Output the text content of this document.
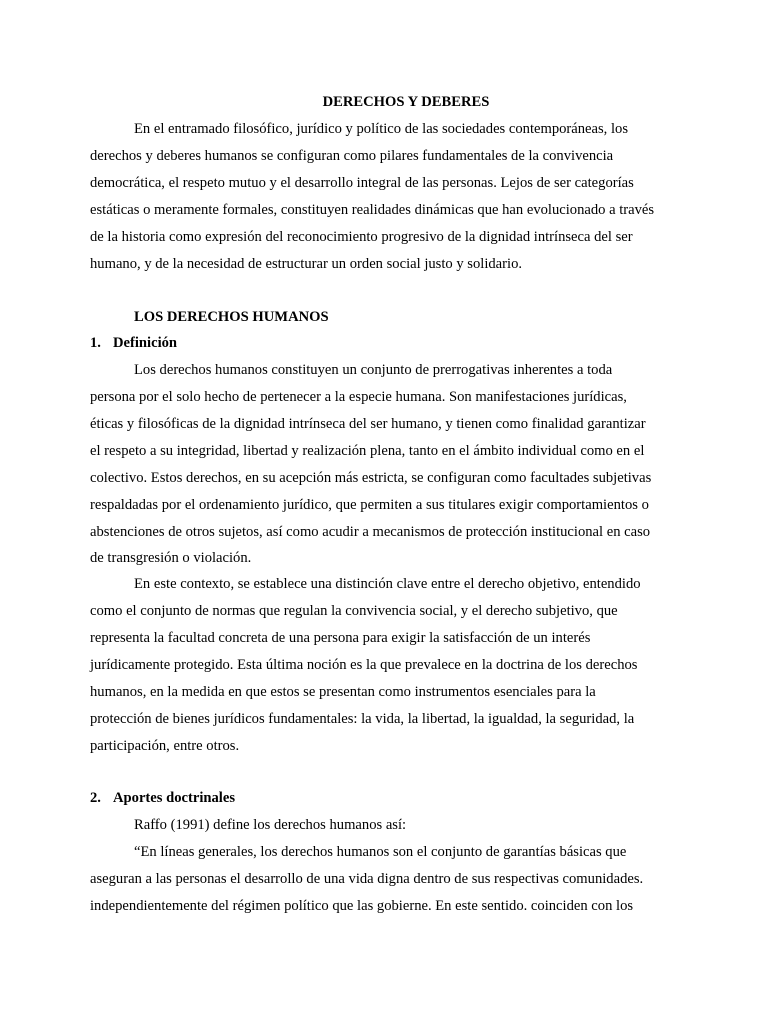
DERECHOS Y DEBERES
En el entramado filosófico, jurídico y político de las sociedades contemporáneas, los
derechos y deberes humanos se configuran como pilares fundamentales de la convivencia
democrática, el respeto mutuo y el desarrollo integral de las personas. Lejos de ser categorías
estáticas o meramente formales, constituyen realidades dinámicas que han evolucionado a través
de la historia como expresión del reconocimiento progresivo de la dignidad intrínseca del ser
humano, y de la necesidad de estructurar un orden social justo y solidario.
LOS DERECHOS HUMANOS
1. Definición
Los derechos humanos constituyen un conjunto de prerrogativas inherentes a toda
persona por el solo hecho de pertenecer a la especie humana. Son manifestaciones jurídicas,
éticas y filosóficas de la dignidad intrínseca del ser humano, y tienen como finalidad garantizar
el respeto a su integridad, libertad y realización plena, tanto en el ámbito individual como en el
colectivo. Estos derechos, en su acepción más estricta, se configuran como facultades subjetivas
respaldadas por el ordenamiento jurídico, que permiten a sus titulares exigir comportamientos o
abstenciones de otros sujetos, así como acudir a mecanismos de protección institucional en caso
de transgresión o violación.
En este contexto, se establece una distinción clave entre el derecho objetivo, entendido
como el conjunto de normas que regulan la convivencia social, y el derecho subjetivo, que
representa la facultad concreta de una persona para exigir la satisfacción de un interés
jurídicamente protegido. Esta última noción es la que prevalece en la doctrina de los derechos
humanos, en la medida en que estos se presentan como instrumentos esenciales para la
protección de bienes jurídicos fundamentales: la vida, la libertad, la igualdad, la seguridad, la
participación, entre otros.
2. Aportes doctrinales
Raffo (1991) define los derechos humanos así:
“En líneas generales, los derechos humanos son el conjunto de garantías básicas que
aseguran a las personas el desarrollo de una vida digna dentro de sus respectivas comunidades.
independientemente del régimen político que las gobierne. En este sentido. coinciden con los
